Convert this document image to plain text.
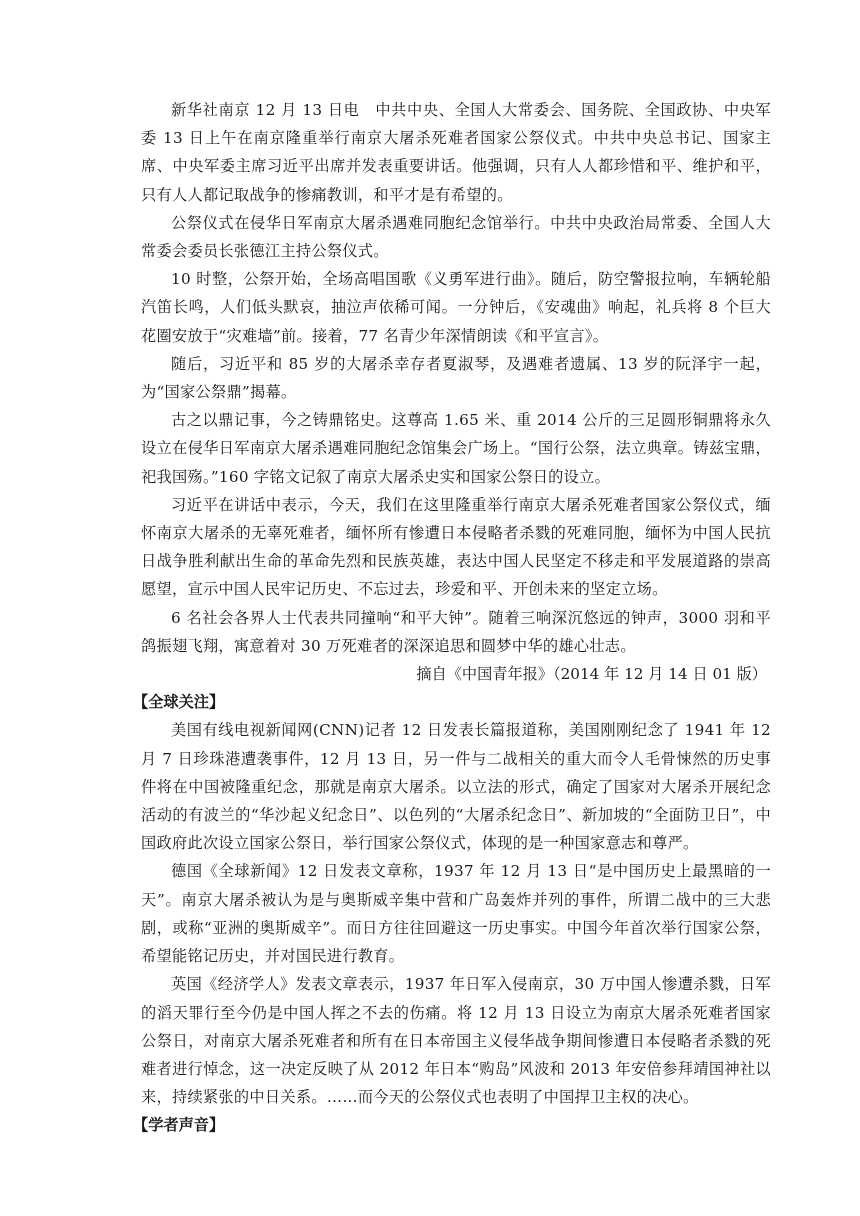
新华社南京 12 月 13 日电　中共中央、全国人大常委会、国务院、全国政协、中央军委 13 日上午在南京隆重举行南京大屠杀死难者国家公祭仪式。中共中央总书记、国家主席、中央军委主席习近平出席并发表重要讲话。他强调，只有人人都珍惜和平、维护和平，只有人人都记取战争的惨痛教训，和平才是有希望的。

公祭仪式在侵华日军南京大屠杀遇难同胞纪念馆举行。中共中央政治局常委、全国人大常委会委员长张德江主持公祭仪式。

10 时整，公祭开始，全场高唱国歌《义勇军进行曲》。随后，防空警报拉响，车辆轮船汽笛长鸣，人们低头默哀，抽泣声依稀可闻。一分钟后，《安魂曲》响起，礼兵将 8 个巨大花圈安放于“灾难墙”前。接着，77 名青少年深情朗读《和平宣言》。

随后，习近平和 85 岁的大屠杀幸存者夏淑琴，及遇难者遗属、13 岁的阮泽宇一起，为“国家公祭鼎”揭幕。

古之以鼎记事，今之铸鼎铭史。这尊高 1.65 米、重 2014 公斤的三足圆形铜鼎将永久设立在侵华日军南京大屠杀遇难同胞纪念馆集会广场上。“国行公祭，法立典章。铸兹宝鼎，祀我国殇。”160 字铭文记叙了南京大屠杀史实和国家公祭日的设立。

习近平在讲话中表示，今天，我们在这里隆重举行南京大屠杀死难者国家公祭仪式，缅怀南京大屠杀的无辜死难者，缅怀所有惨遭日本侵略者杀戮的死难同胞，缅怀为中国人民抗日战争胜利献出生命的革命先烈和民族英雄，表达中国人民坚定不移走和平发展道路的崇高愿望，宣示中国人民牢记历史、不忘过去，珍爱和平、开创未来的坚定立场。

6 名社会各界人士代表共同撞响“和平大钟”。随着三响深沉悠远的钟声，3000 羽和平鸽振翅飞翔，寓意着对 30 万死难者的深深追思和圆梦中华的雄心壮志。

摘自《中国青年报》（2014 年 12 月 14 日 01 版）

【全球关注】

美国有线电视新闻网(CNN)记者 12 日发表长篇报道称，美国刚刚纪念了 1941 年 12 月 7 日珍珠港遭袭事件，12 月 13 日，另一件与二战相关的重大而令人毛骨悚然的历史事件将在中国被隆重纪念，那就是南京大屠杀。以立法的形式，确定了国家对大屠杀开展纪念活动的有波兰的“华沙起义纪念日”、以色列的“大屠杀纪念日”、新加坡的“全面防卫日”，中国政府此次设立国家公祭日，举行国家公祭仪式，体现的是一种国家意志和尊严。

德国《全球新闻》12 日发表文章称，1937 年 12 月 13 日“是中国历史上最黑暗的一天”。南京大屠杀被认为是与奥斯威辛集中营和广岛轰炸并列的事件，所谓二战中的三大悲剧，或称“亚洲的奥斯威辛”。而日方往往回避这一历史事实。中国今年首次举行国家公祭，希望能铭记历史，并对国民进行教育。

英国《经济学人》发表文章表示，1937 年日军入侵南京，30 万中国人惨遭杀戮，日军的滔天罪行至今仍是中国人挥之不去的伤痛。将 12 月 13 日设立为南京大屠杀死难者国家公祭日，对南京大屠杀死难者和所有在日本帝国主义侵华战争期间惨遭日本侵略者杀戮的死难者进行悼念，这一决定反映了从 2012 年日本“购岛”风波和 2013 年安倍参拜靖国神社以来，持续紧张的中日关系。……而今天的公祭仪式也表明了中国捍卫主权的决心。

【学者声音】
